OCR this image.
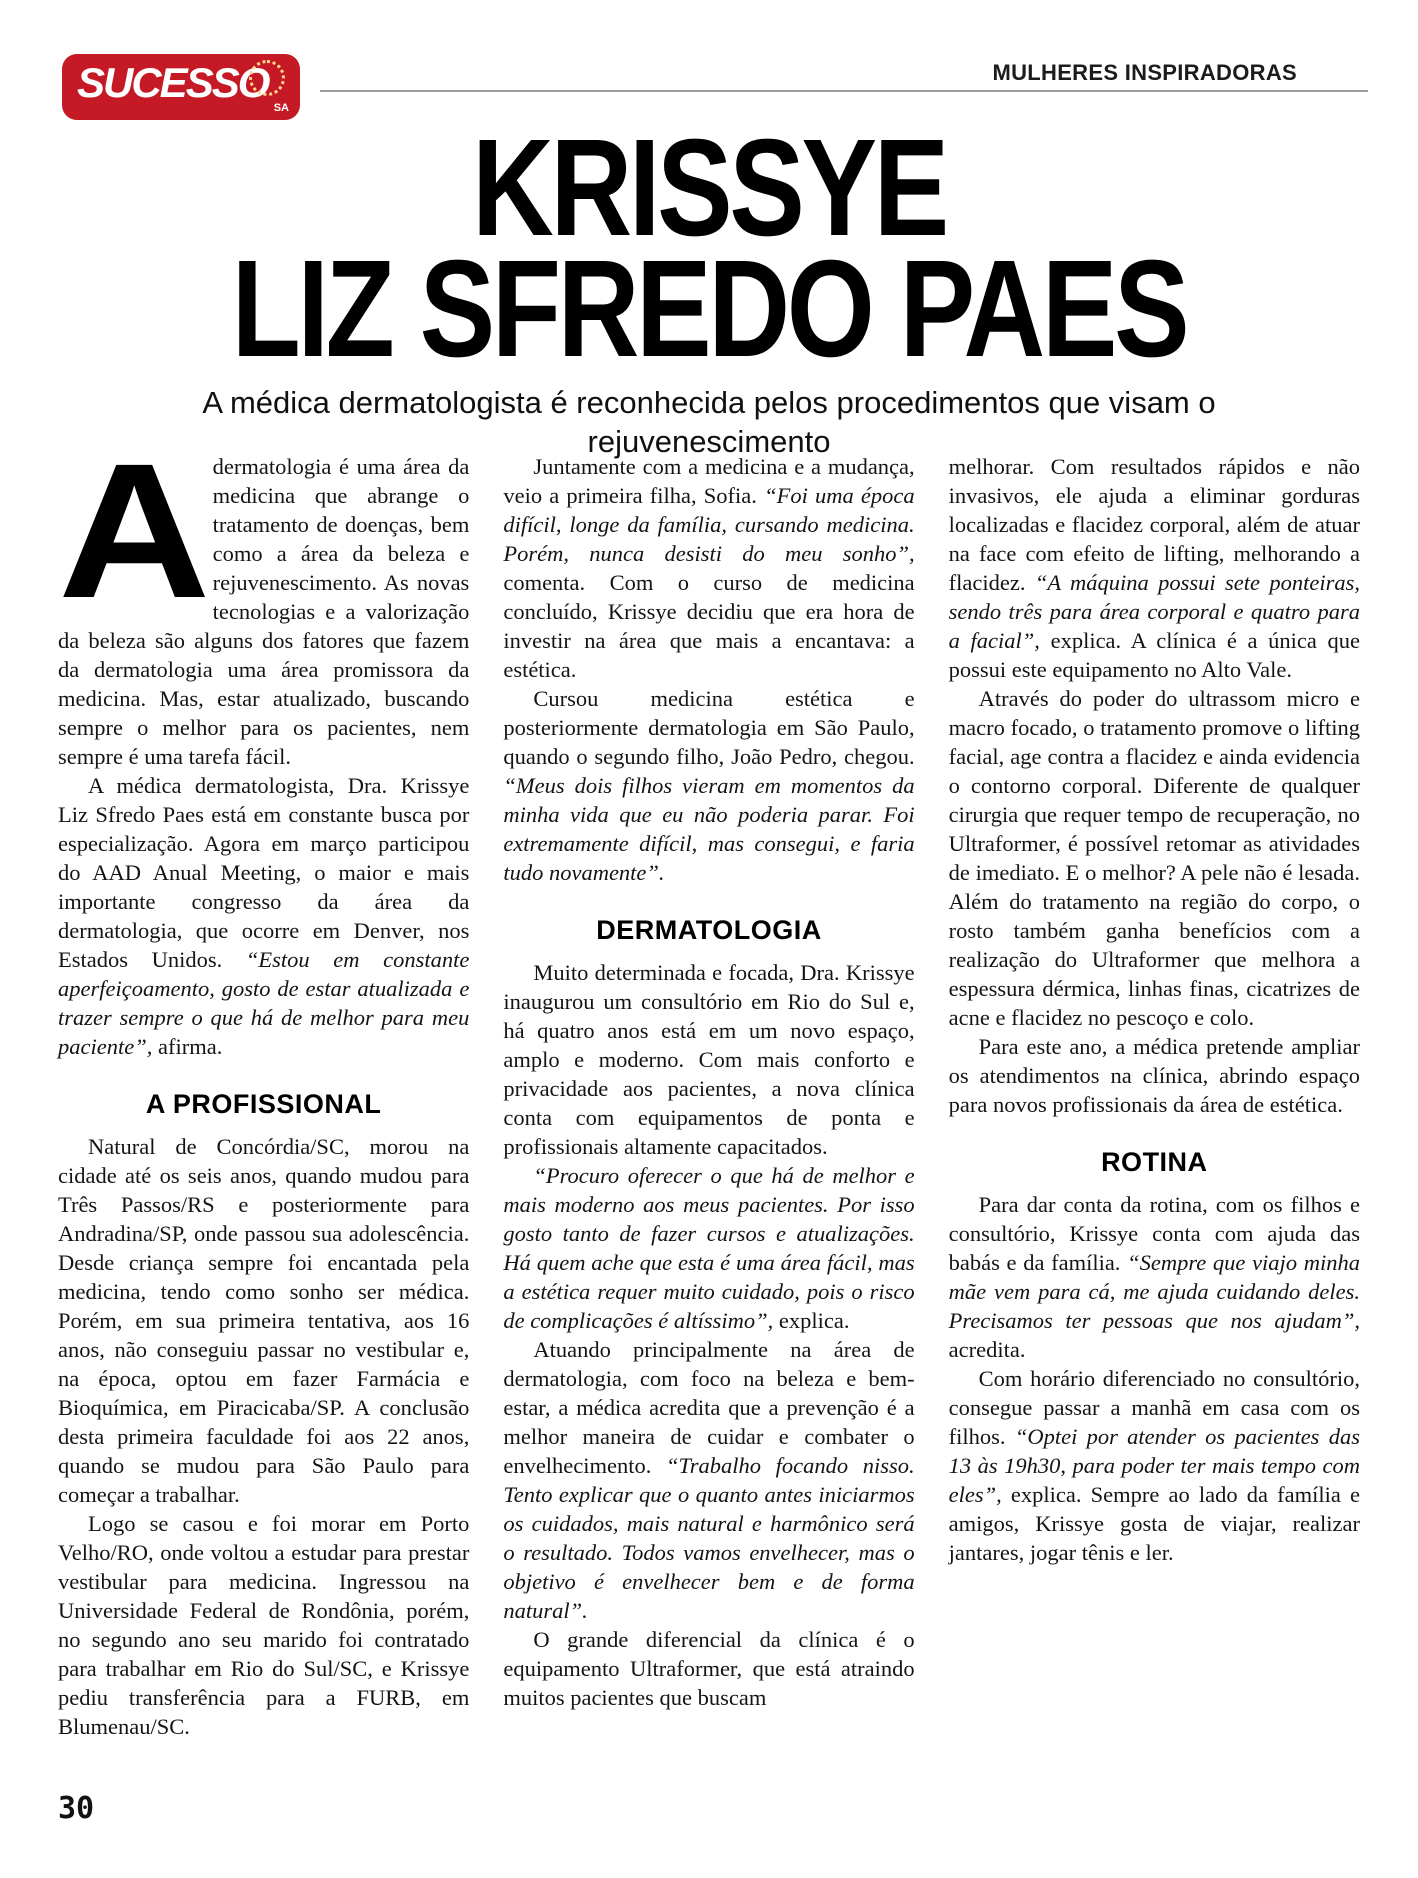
SUCESSO
SA
MULHERES INSPIRADORAS
KRISSYE
LIZ SFREDO PAES

A médica dermatologista é reconhecida pelos procedimentos que visam o rejuvenescimento

Adermatologia é uma área da medicina que abrange o tratamento de doenças, bem como a área da beleza e rejuvenescimento. As novas tecnologias e a valorização da beleza são alguns dos fatores que fazem da dermatologia uma área promissora da medicina. Mas, estar atualizado, buscando sempre o melhor para os pacientes, nem sempre é uma tarefa fácil.

A médica dermatologista, Dra. Krissye Liz Sfredo Paes está em constante busca por especialização. Agora em março participou do AAD Anual Meeting, o maior e mais importante congresso da área da dermatologia, que ocorre em Denver, nos Estados Unidos. “Estou em constante aperfeiçoamento, gosto de estar atualizada e trazer sempre o que há de melhor para meu paciente”, afirma.

A PROFISSIONAL

Natural de Concórdia/SC, morou na cidade até os seis anos, quando mudou para Três Passos/RS e posteriormente para Andradina/SP, onde passou sua adolescência. Desde criança sempre foi encantada pela medicina, tendo como sonho ser médica. Porém, em sua primeira tentativa, aos 16 anos, não conseguiu passar no vestibular e, na época, optou em fazer Farmácia e Bioquímica, em Piracicaba/SP. A conclusão desta primeira faculdade foi aos 22 anos, quando se mudou para São Paulo para começar a trabalhar.

Logo se casou e foi morar em Porto Velho/RO, onde voltou a estudar para prestar vestibular para medicina. Ingressou na Universidade Federal de Rondônia, porém, no segundo ano seu marido foi contratado para trabalhar em Rio do Sul/SC, e Krissye pediu transferência para a FURB, em Blumenau/SC.

Juntamente com a medicina e a mudança, veio a primeira filha, Sofia. “Foi uma época difícil, longe da família, cursando medicina. Porém, nunca desisti do meu sonho”, comenta. Com o curso de medicina concluído, Krissye decidiu que era hora de investir na área que mais a encantava: a estética.

Cursou medicina estética e posteriormente dermatologia em São Paulo, quando o segundo filho, João Pedro, chegou. “Meus dois filhos vieram em momentos da minha vida que eu não poderia parar. Foi extremamente difícil, mas consegui, e faria tudo novamente”.

DERMATOLOGIA

Muito determinada e focada, Dra. Krissye inaugurou um consultório em Rio do Sul e, há quatro anos está em um novo espaço, amplo e moderno. Com mais conforto e privacidade aos pacientes, a nova clínica conta com equipamentos de ponta e profissionais altamente capacitados.

“Procuro oferecer o que há de melhor e mais moderno aos meus pacientes. Por isso gosto tanto de fazer cursos e atualizações. Há quem ache que esta é uma área fácil, mas a estética requer muito cuidado, pois o risco de complicações é altíssimo”, explica.

Atuando principalmente na área de dermatologia, com foco na beleza e bem-estar, a médica acredita que a prevenção é a melhor maneira de cuidar e combater o envelhecimento. “Trabalho focando nisso. Tento explicar que o quanto antes iniciarmos os cuidados, mais natural e harmônico será o resultado. Todos vamos envelhecer, mas o objetivo é envelhecer bem e de forma natural”.

O grande diferencial da clínica é o equipamento Ultraformer, que está atraindo muitos pacientes que buscam

melhorar. Com resultados rápidos e não invasivos, ele ajuda a eliminar gorduras localizadas e flacidez corporal, além de atuar na face com efeito de lifting, melhorando a flacidez. “A máquina possui sete ponteiras, sendo três para área corporal e quatro para a facial”, explica. A clínica é a única que possui este equipamento no Alto Vale.

Através do poder do ultrassom micro e macro focado, o tratamento promove o lifting facial, age contra a flacidez e ainda evidencia o contorno corporal. Diferente de qualquer cirurgia que requer tempo de recuperação, no Ultraformer, é possível retomar as atividades de imediato. E o melhor? A pele não é lesada. Além do tratamento na região do corpo, o rosto também ganha benefícios com a realização do Ultraformer que melhora a espessura dérmica, linhas finas, cicatrizes de acne e flacidez no pescoço e colo.

Para este ano, a médica pretende ampliar os atendimentos na clínica, abrindo espaço para novos profissionais da área de estética.

ROTINA

Para dar conta da rotina, com os filhos e consultório, Krissye conta com ajuda das babás e da família. “Sempre que viajo minha mãe vem para cá, me ajuda cuidando deles. Precisamos ter pessoas que nos ajudam”, acredita.

Com horário diferenciado no consultório, consegue passar a manhã em casa com os filhos. “Optei por atender os pacientes das 13 às 19h30, para poder ter mais tempo com eles”, explica. Sempre ao lado da família e amigos, Krissye gosta de viajar, realizar jantares, jogar tênis e ler.

30
